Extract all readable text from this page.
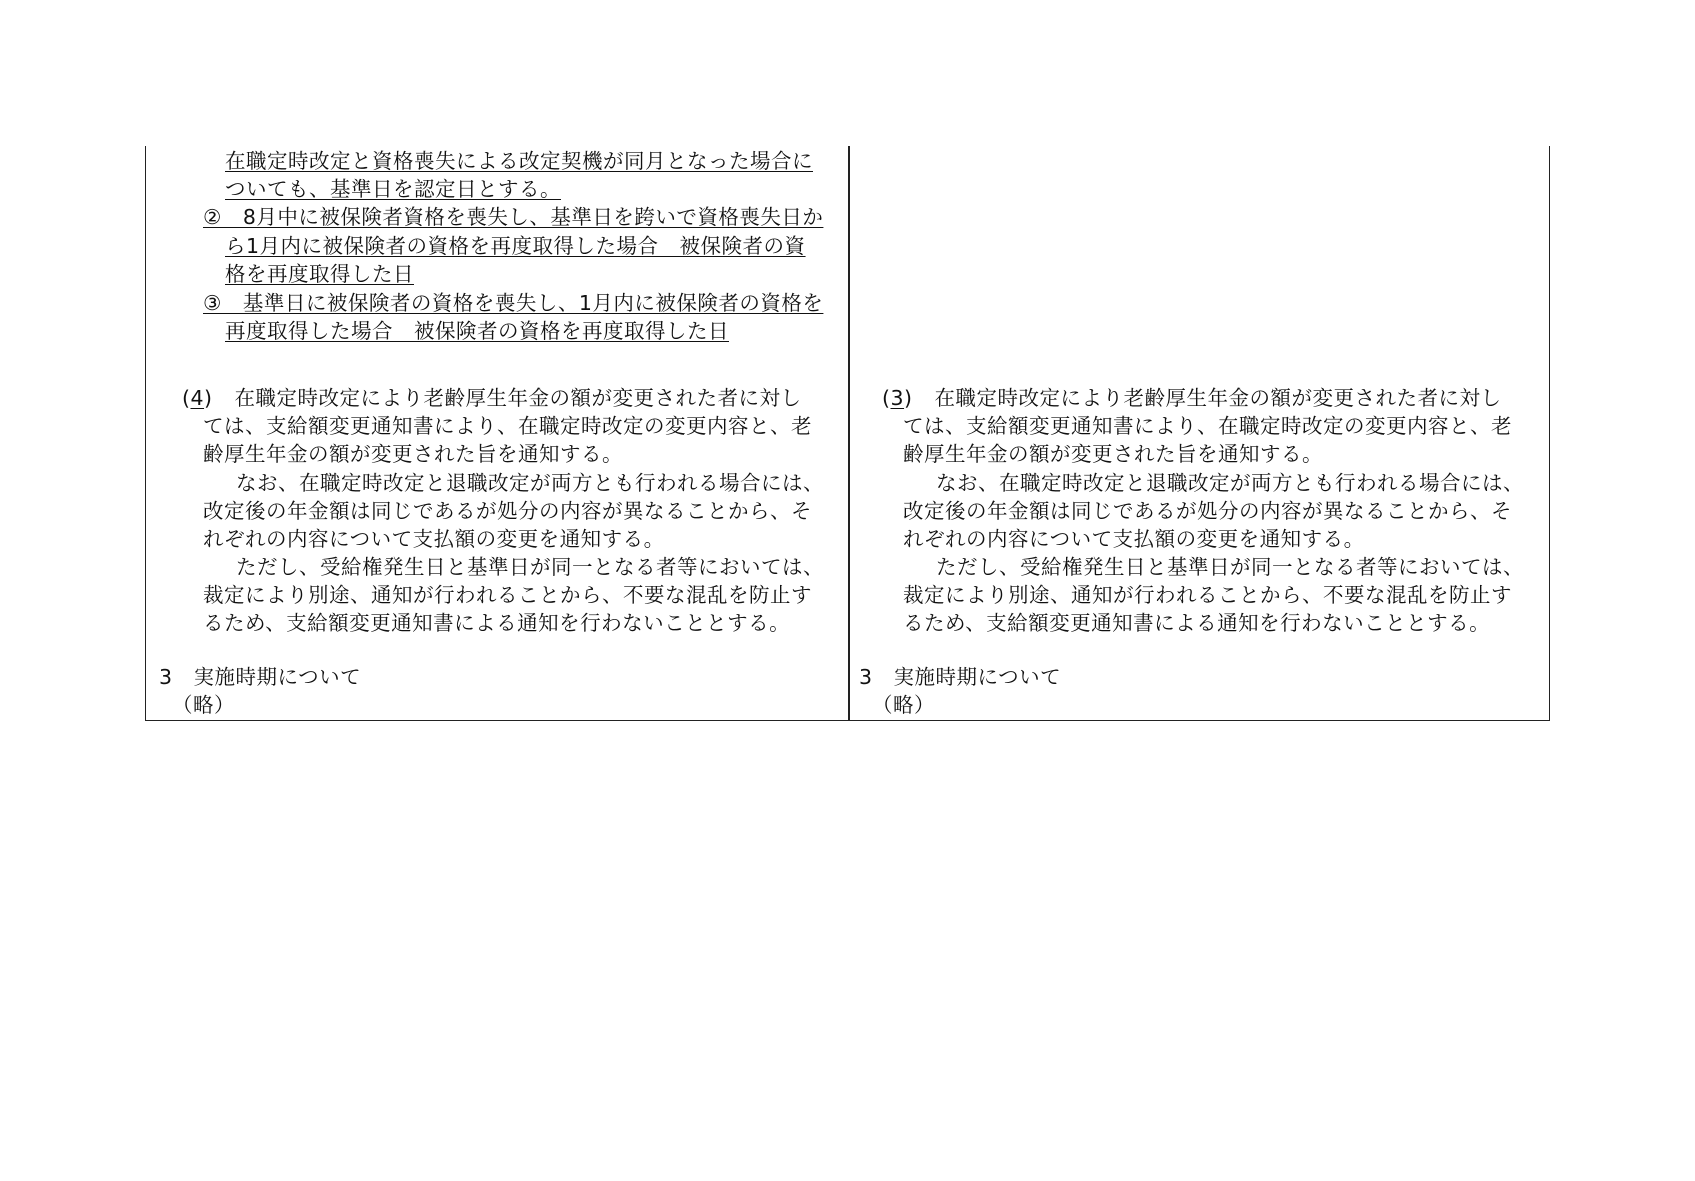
在職定時改定と資格喪失による改定契機が同月となった場合に
ついても、基準日を認定日とする。
②　8月中に被保険者資格を喪失し、基準日を跨いで資格喪失日か
ら1月内に被保険者の資格を再度取得した場合　被保険者の資
格を再度取得した日
③　基準日に被保険者の資格を喪失し、1月内に被保険者の資格を
再度取得した場合　被保険者の資格を再度取得した日
(4) 在職定時改定により老齢厚生年金の額が変更された者に対し
ては、支給額変更通知書により、在職定時改定の変更内容と、老
齢厚生年金の額が変更された旨を通知する。
なお、在職定時改定と退職改定が両方とも行われる場合には、
改定後の年金額は同じであるが処分の内容が異なることから、そ
れぞれの内容について支払額の変更を通知する。
ただし、受給権発生日と基準日が同一となる者等においては、
裁定により別途、通知が行われることから、不要な混乱を防止す
るため、支給額変更通知書による通知を行わないこととする。
3　実施時期について
（略）
(3) 在職定時改定により老齢厚生年金の額が変更された者に対し
ては、支給額変更通知書により、在職定時改定の変更内容と、老
齢厚生年金の額が変更された旨を通知する。
なお、在職定時改定と退職改定が両方とも行われる場合には、
改定後の年金額は同じであるが処分の内容が異なることから、そ
れぞれの内容について支払額の変更を通知する。
ただし、受給権発生日と基準日が同一となる者等においては、
裁定により別途、通知が行われることから、不要な混乱を防止す
るため、支給額変更通知書による通知を行わないこととする。
3　実施時期について
（略）
